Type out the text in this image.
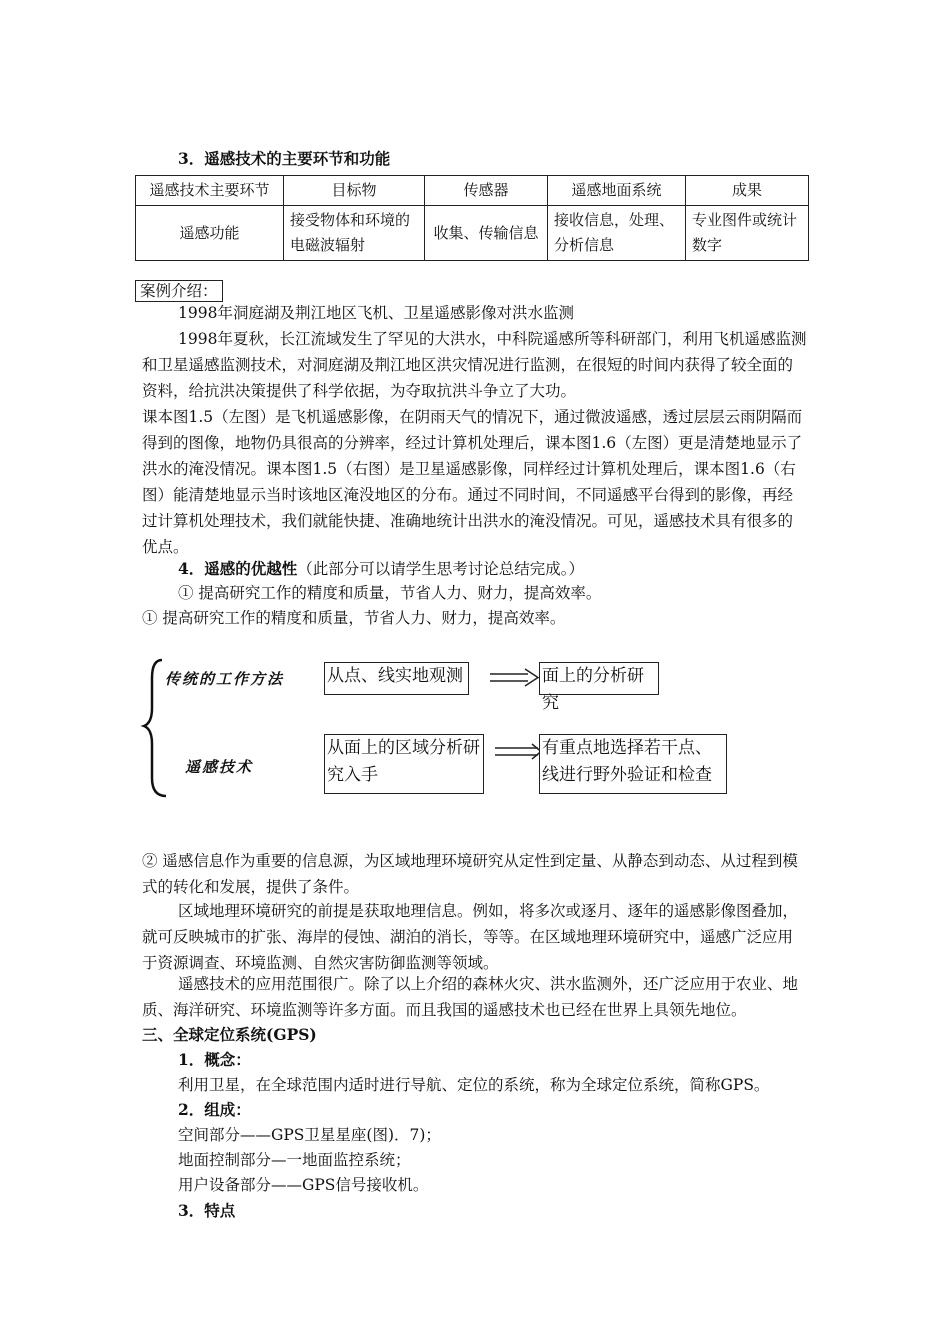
3．遥感技术的主要环节和功能
遥感技术主要环节	目标物	传感器	遥感地面系统	成果
遥感功能	接受物体和环境的电磁波辐射	收集、传输信息	接收信息，处理、分析信息	专业图件或统计数字
案例介绍：
1998年洞庭湖及荆江地区飞机、卫星遥感影像对洪水监测
1998年夏秋，长江流域发生了罕见的大洪水，中科院遥感所等科研部门，利用飞机遥感监测和卫星遥感监测技术，对洞庭湖及荆江地区洪灾情况进行监测，在很短的时间内获得了较全面的资料，给抗洪决策提供了科学依据，为夺取抗洪斗争立了大功。
课本图1.5（左图）是飞机遥感影像，在阴雨天气的情况下，通过微波遥感，透过层层云雨阴隔而得到的图像，地物仍具很高的分辨率，经过计算机处理后，课本图1.6（左图）更是清楚地显示了洪水的淹没情况。课本图1.5（右图）是卫星遥感影像，同样经过计算机处理后，课本图1.6（右图）能清楚地显示当时该地区淹没地区的分布。通过不同时间，不同遥感平台得到的影像，再经过计算机处理技术，我们就能快捷、准确地统计出洪水的淹没情况。可见，遥感技术具有很多的优点。
4．遥感的优越性（此部分可以请学生思考讨论总结完成。）
① 提高研究工作的精度和质量，节省人力、财力，提高效率。
① 提高研究工作的精度和质量，节省人力、财力，提高效率。
传统的工作方法
遥感技术
从点、线实地观测	面上的分析研究
从面上的区域分析研究入手
有重点地选择若干点、线进行野外验证和检查
② 遥感信息作为重要的信息源，为区域地理环境研究从定性到定量、从静态到动态、从过程到模式的转化和发展，提供了条件。
区域地理环境研究的前提是获取地理信息。例如，将多次或逐月、逐年的遥感影像图叠加，就可反映城市的扩张、海岸的侵蚀、湖泊的消长，等等。在区域地理环境研究中，遥感广泛应用于资源调查、环境监测、自然灾害防御监测等领域。
遥感技术的应用范围很广。除了以上介绍的森林火灾、洪水监测外，还广泛应用于农业、地质、海洋研究、环境监测等许多方面。而且我国的遥感技术也已经在世界上具领先地位。
三、全球定位系统(GPS)
1．概念：
利用卫星，在全球范围内适时进行导航、定位的系统，称为全球定位系统，简称GPS。
2．组成：
空间部分——GPS卫星星座(图)．7)；
地面控制部分—一地面监控系统；
用户设备部分——GPS信号接收机。
3．特点
